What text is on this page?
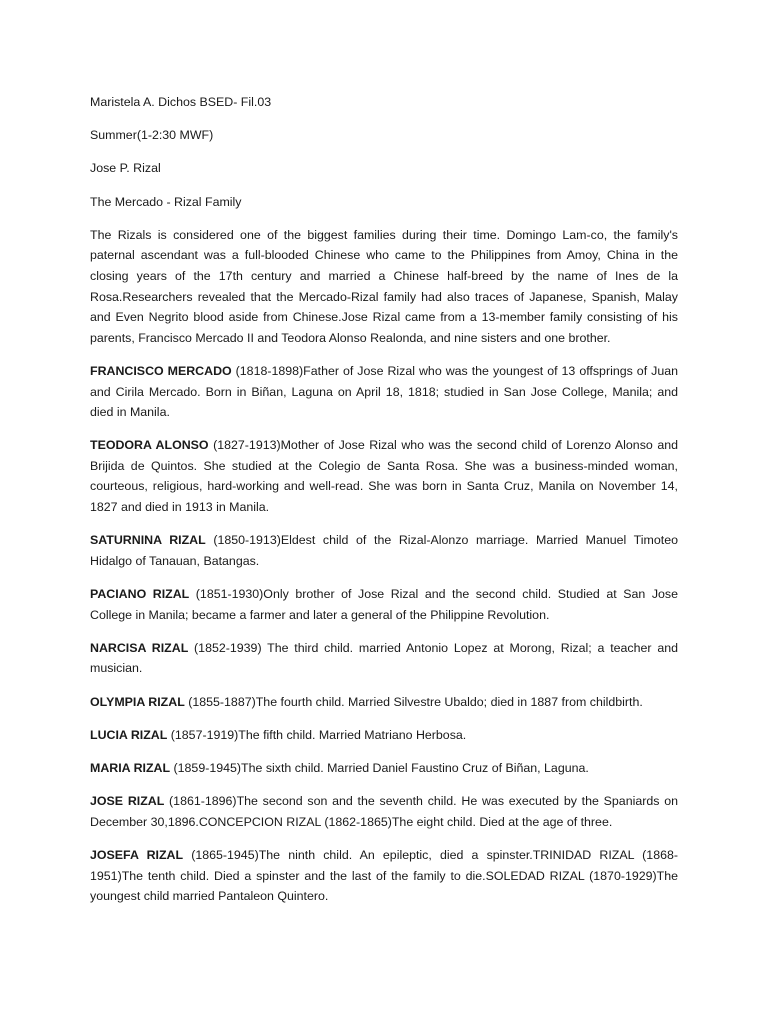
Maristela A. Dichos BSED- Fil.03
Summer(1-2:30 MWF)
Jose P. Rizal
The Mercado - Rizal Family

The Rizals is considered one of the biggest families during their time. Domingo Lam-co, the family's paternal ascendant was a full-blooded Chinese who came to the Philippines from Amoy, China in the closing years of the 17th century and married a Chinese half-breed by the name of Ines de la Rosa.Researchers revealed that the Mercado-Rizal family had also traces of Japanese, Spanish, Malay and Even Negrito blood aside from Chinese.Jose Rizal came from a 13-member family consisting of his parents, Francisco Mercado II and Teodora Alonso Realonda, and nine sisters and one brother.

FRANCISCO MERCADO (1818-1898)Father of Jose Rizal who was the youngest of 13 offsprings of Juan and Cirila Mercado. Born in Biñan, Laguna on April 18, 1818; studied in San Jose College, Manila; and died in Manila.

TEODORA ALONSO (1827-1913)Mother of Jose Rizal who was the second child of Lorenzo Alonso and Brijida de Quintos. She studied at the Colegio de Santa Rosa. She was a business-minded woman, courteous, religious, hard-working and well-read. She was born in Santa Cruz, Manila on November 14, 1827 and died in 1913 in Manila.

SATURNINA RIZAL (1850-1913)Eldest child of the Rizal-Alonzo marriage. Married Manuel Timoteo Hidalgo of Tanauan, Batangas.

PACIANO RIZAL (1851-1930)Only brother of Jose Rizal and the second child. Studied at San Jose College in Manila; became a farmer and later a general of the Philippine Revolution.

NARCISA RIZAL (1852-1939) The third child. married Antonio Lopez at Morong, Rizal; a teacher and musician.

OLYMPIA RIZAL (1855-1887)The fourth child. Married Silvestre Ubaldo; died in 1887 from childbirth.

LUCIA RIZAL (1857-1919)The fifth child. Married Matriano Herbosa.

MARIA RIZAL (1859-1945)The sixth child. Married Daniel Faustino Cruz of Biñan, Laguna.

JOSE RIZAL (1861-1896)The second son and the seventh child. He was executed by the Spaniards on December 30,1896.CONCEPCION RIZAL (1862-1865)The eight child. Died at the age of three.

JOSEFA RIZAL (1865-1945)The ninth child. An epileptic, died a spinster.TRINIDAD RIZAL (1868-1951)The tenth child. Died a spinster and the last of the family to die.SOLEDAD RIZAL (1870-1929)The youngest child married Pantaleon Quintero.
